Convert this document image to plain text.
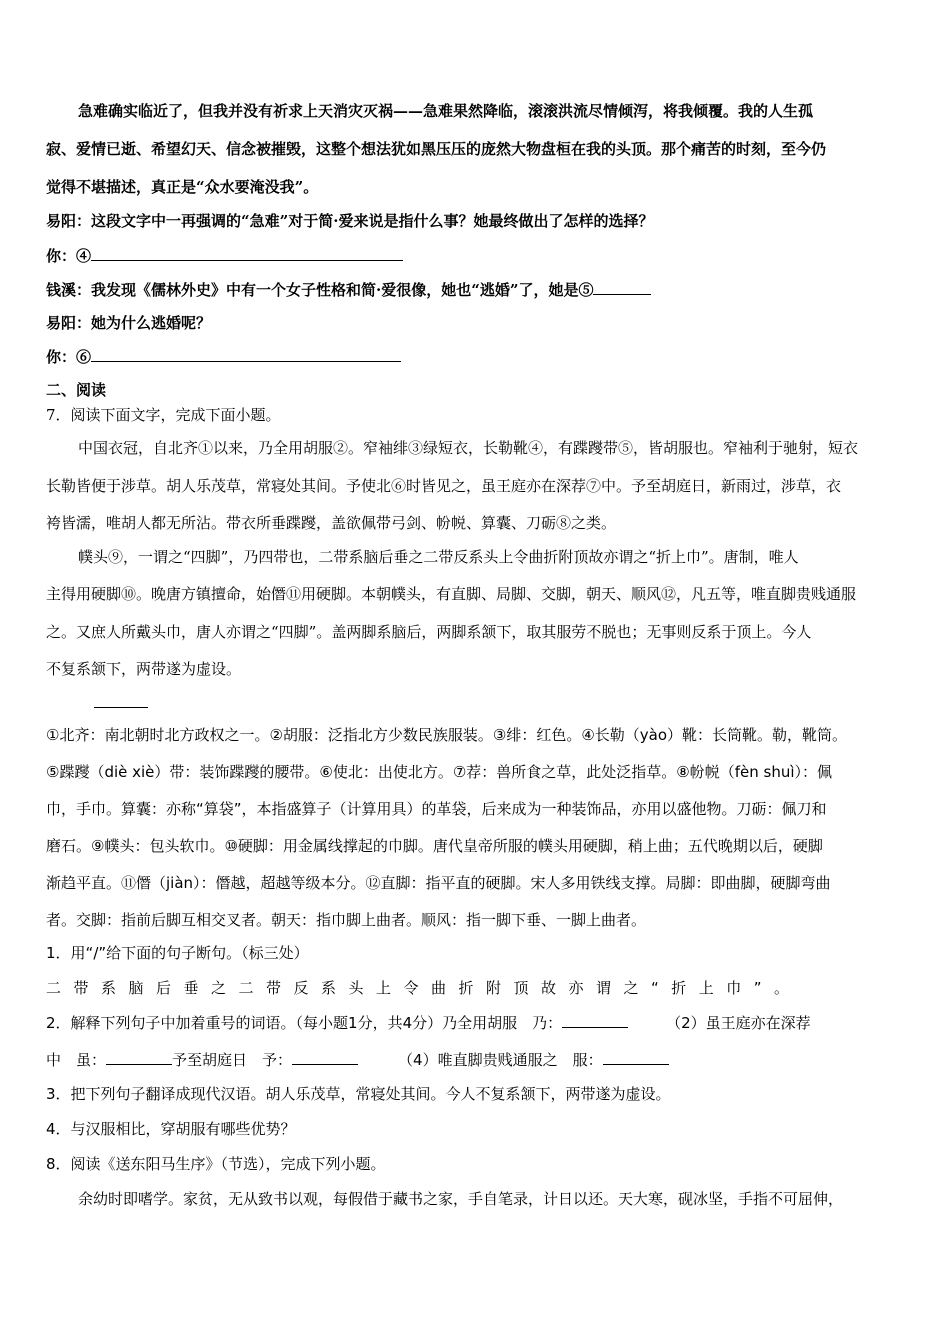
急难确实临近了，但我并没有祈求上天消灾灭祸——急难果然降临，滚滚洪流尽情倾泻，将我倾覆。我的人生孤
寂、爱情已逝、希望幻天、信念被摧毁，这整个想法犹如黑压压的庞然大物盘桓在我的头顶。那个痛苦的时刻，至今仍
觉得不堪描述，真正是“众水要淹没我”。
易阳：这段文字中一再强调的“急难”对于简·爱来说是指什么事？她最终做出了怎样的选择？
你：④
钱溪：我发现《儒林外史》中有一个女子性格和简·爱很像，她也“逃婚”了，她是⑤
易阳：她为什么逃婚呢？
你：⑥
二、阅读
7．阅读下面文字，完成下面小题。
中国衣冠，自北齐①以来，乃全用胡服②。窄袖绯③绿短衣，长勒靴④，有蹀躞带⑤，皆胡服也。窄袖利于驰射，短衣
长勒皆便于涉草。胡人乐茂草，常寝处其间。予使北⑥时皆见之，虽王庭亦在深荐⑦中。予至胡庭日，新雨过，涉草，衣
袴皆濡，唯胡人都无所沾。带衣所垂蹀躞，盖欲佩带弓剑、帉帨、算囊、刀砺⑧之类。
幞头⑨，一谓之“四脚”，乃四带也，二带系脑后垂之二带反系头上令曲折附顶故亦谓之“折上巾”。唐制，唯人
主得用硬脚⑩。晚唐方镇擅命，始僭⑪用硬脚。本朝幞头，有直脚、局脚、交脚，朝天、顺风⑫，凡五等，唯直脚贵贱通服
之。又庶人所戴头巾，唐人亦谓之“四脚”。盖两脚系脑后，两脚系颔下，取其服劳不脱也；无事则反系于顶上。今人
不复系颔下，两带遂为虚设。
①北齐：南北朝时北方政权之一。②胡服：泛指北方少数民族服装。③绯：红色。④长勒（yào）靴：长筒靴。勒，靴筒。
⑤蹀躞（diè xiè）带：装饰蹀躞的腰带。⑥使北：出使北方。⑦荐：兽所食之草，此处泛指草。⑧帉帨（fèn shuì）：佩
巾，手巾。算囊：亦称“算袋”，本指盛算子（计算用具）的革袋，后来成为一种装饰品，亦用以盛他物。刀砺：佩刀和
磨石。⑨幞头：包头软巾。⑩硬脚：用金属线撑起的巾脚。唐代皇帝所服的幞头用硬脚，稍上曲；五代晚期以后，硬脚
渐趋平直。⑪僭（jiàn）：僭越，超越等级本分。⑫直脚：指平直的硬脚。宋人多用铁线支撑。局脚：即曲脚，硬脚弯曲
者。交脚：指前后脚互相交叉者。朝天：指巾脚上曲者。顺风：指一脚下垂、一脚上曲者。
1．用“/”给下面的句子断句。（标三处）
二带系脑后垂之二带反系头上令曲折附顶故亦谓之“折上巾”。
2．解释下列句子中加着重号的词语。（每小题1分，共4分）乃全用胡服　乃：	（2）虽王庭亦在深荐
中　虽：	予至胡庭日　予：	（4）唯直脚贵贱通服之　服：
3．把下列句子翻译成现代汉语。胡人乐茂草，常寝处其间。今人不复系颔下，两带遂为虚设。
4．与汉服相比，穿胡服有哪些优势？
8．阅读《送东阳马生序》（节选），完成下列小题。
余幼时即嗜学。家贫，无从致书以观，每假借于藏书之家，手自笔录，计日以还。天大寒，砚冰坚，手指不可屈伸，
